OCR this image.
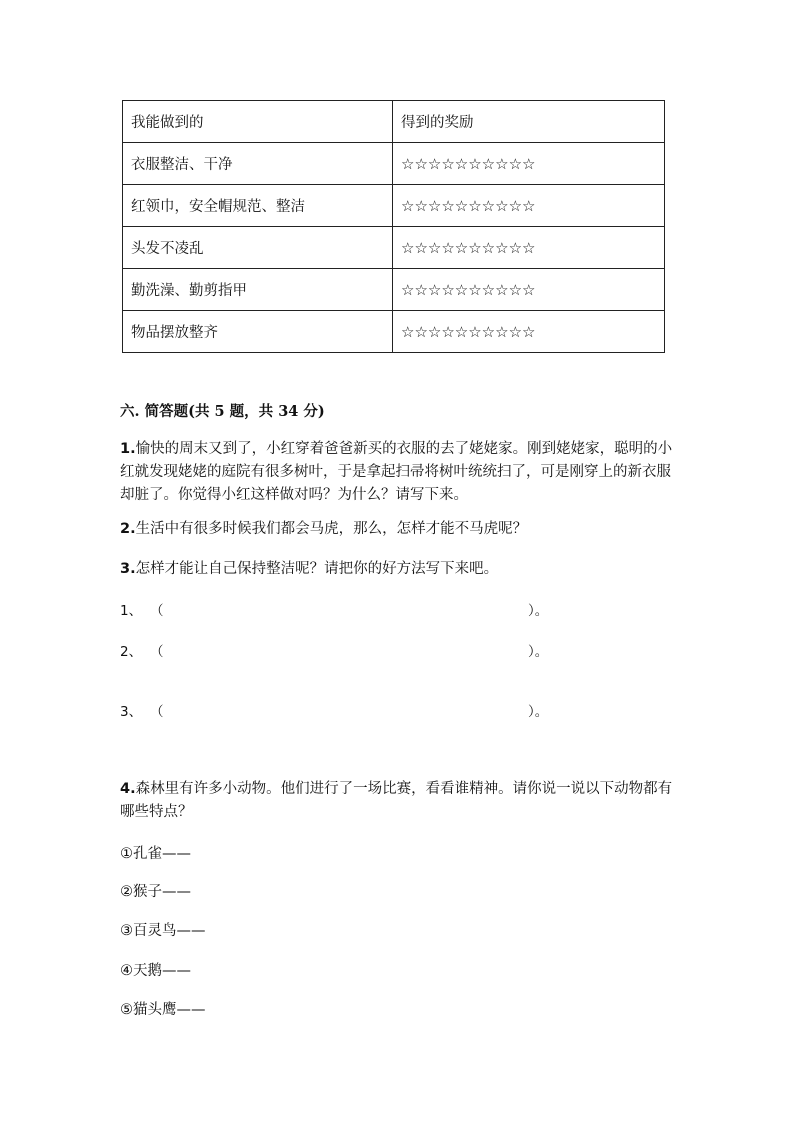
我能做到的	得到的奖励
衣服整洁、干净	☆☆☆☆☆☆☆☆☆☆
红领巾，安全帽规范、整洁	☆☆☆☆☆☆☆☆☆☆
头发不凌乱	☆☆☆☆☆☆☆☆☆☆
勤洗澡、勤剪指甲	☆☆☆☆☆☆☆☆☆☆
物品摆放整齐	☆☆☆☆☆☆☆☆☆☆
六. 简答题(共 5 题，共 34 分)
1.愉快的周末又到了，小红穿着爸爸新买的衣服的去了姥姥家。刚到姥姥家，聪明的小红就发现姥姥的庭院有很多树叶，于是拿起扫帚将树叶统统扫了，可是刚穿上的新衣服却脏了。你觉得小红这样做对吗？为什么？请写下来。
2.生活中有很多时候我们都会马虎，那么，怎样才能不马虎呢？
3.怎样才能让自己保持整洁呢？请把你的好方法写下来吧。
1、 （	）。
2、 （	）。
3、 （	）。
4.森林里有许多小动物。他们进行了一场比赛，看看谁精神。请你说一说以下动物都有哪些特点？
①孔雀——
②猴子——
③百灵鸟——
④天鹅——
⑤猫头鹰——
